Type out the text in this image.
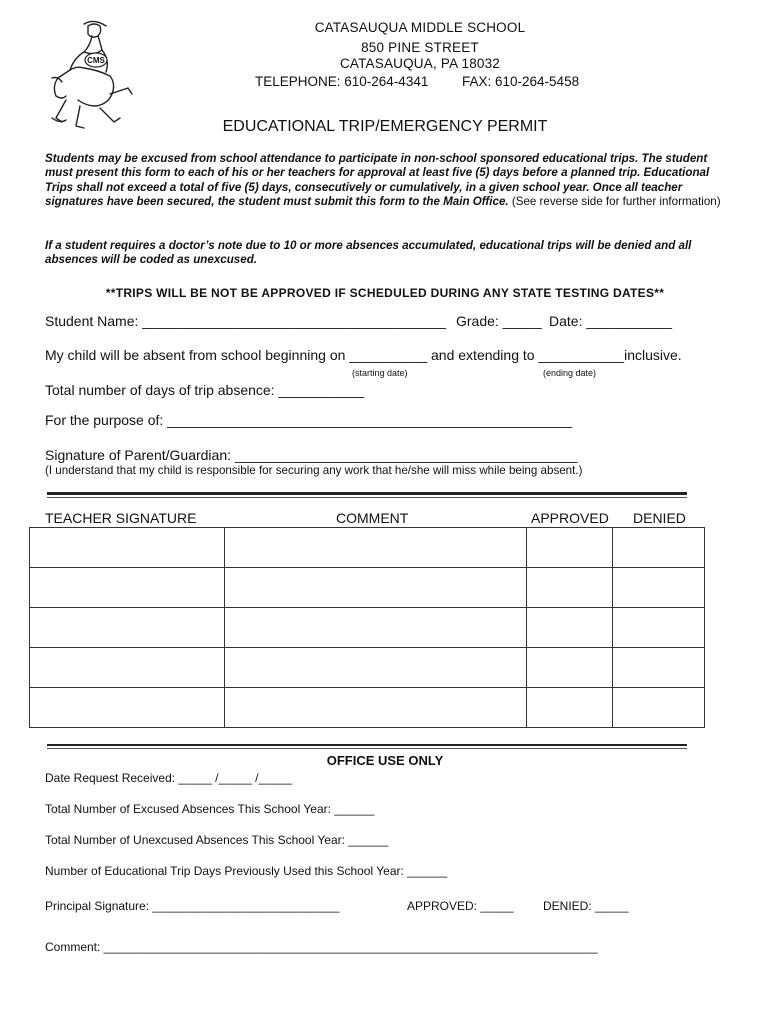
CMS
CATASAUQUA MIDDLE SCHOOL
850 PINE STREET
CATASAUQUA, PA 18032
TELEPHONE: 610-264-4341 FAX: 610-264-5458
EDUCATIONAL TRIP/EMERGENCY PERMIT
Students may be excused from school attendance to participate in non-school sponsored educational trips. The student must present this form to each of his or her teachers for approval at least five (5) days before a planned trip. Educational Trips shall not exceed a total of five (5) days, consecutively or cumulatively, in a given school year. Once all teacher signatures have been secured, the student must submit this form to the Main Office. (See reverse side for further information)
If a student requires a doctor’s note due to 10 or more absences accumulated, educational trips will be denied and all absences will be coded as unexcused.
**TRIPS WILL BE NOT BE APPROVED IF SCHEDULED DURING ANY STATE TESTING DATES**
Student Name: _______________________________________ Grade: _____ Date: ___________
My child will be absent from school beginning on __________ and extending to ___________inclusive.
(starting date)	(ending date)
Total number of days of trip absence: ___________
For the purpose of: ____________________________________________________
Signature of Parent/Guardian: ____________________________________________
(I understand that my child is responsible for securing any work that he/she will miss while being absent.)
TEACHER SIGNATURE	COMMENT	APPROVED DENIED

OFFICE USE ONLY
Date Request Received: _____ /_____ /_____
Total Number of Excused Absences This School Year: ______
Total Number of Unexcused Absences This School Year: ______
Number of Educational Trip Days Previously Used this School Year: ______
Principal Signature: ____________________________	APPROVED: _____ DENIED: _____
Comment: __________________________________________________________________________
